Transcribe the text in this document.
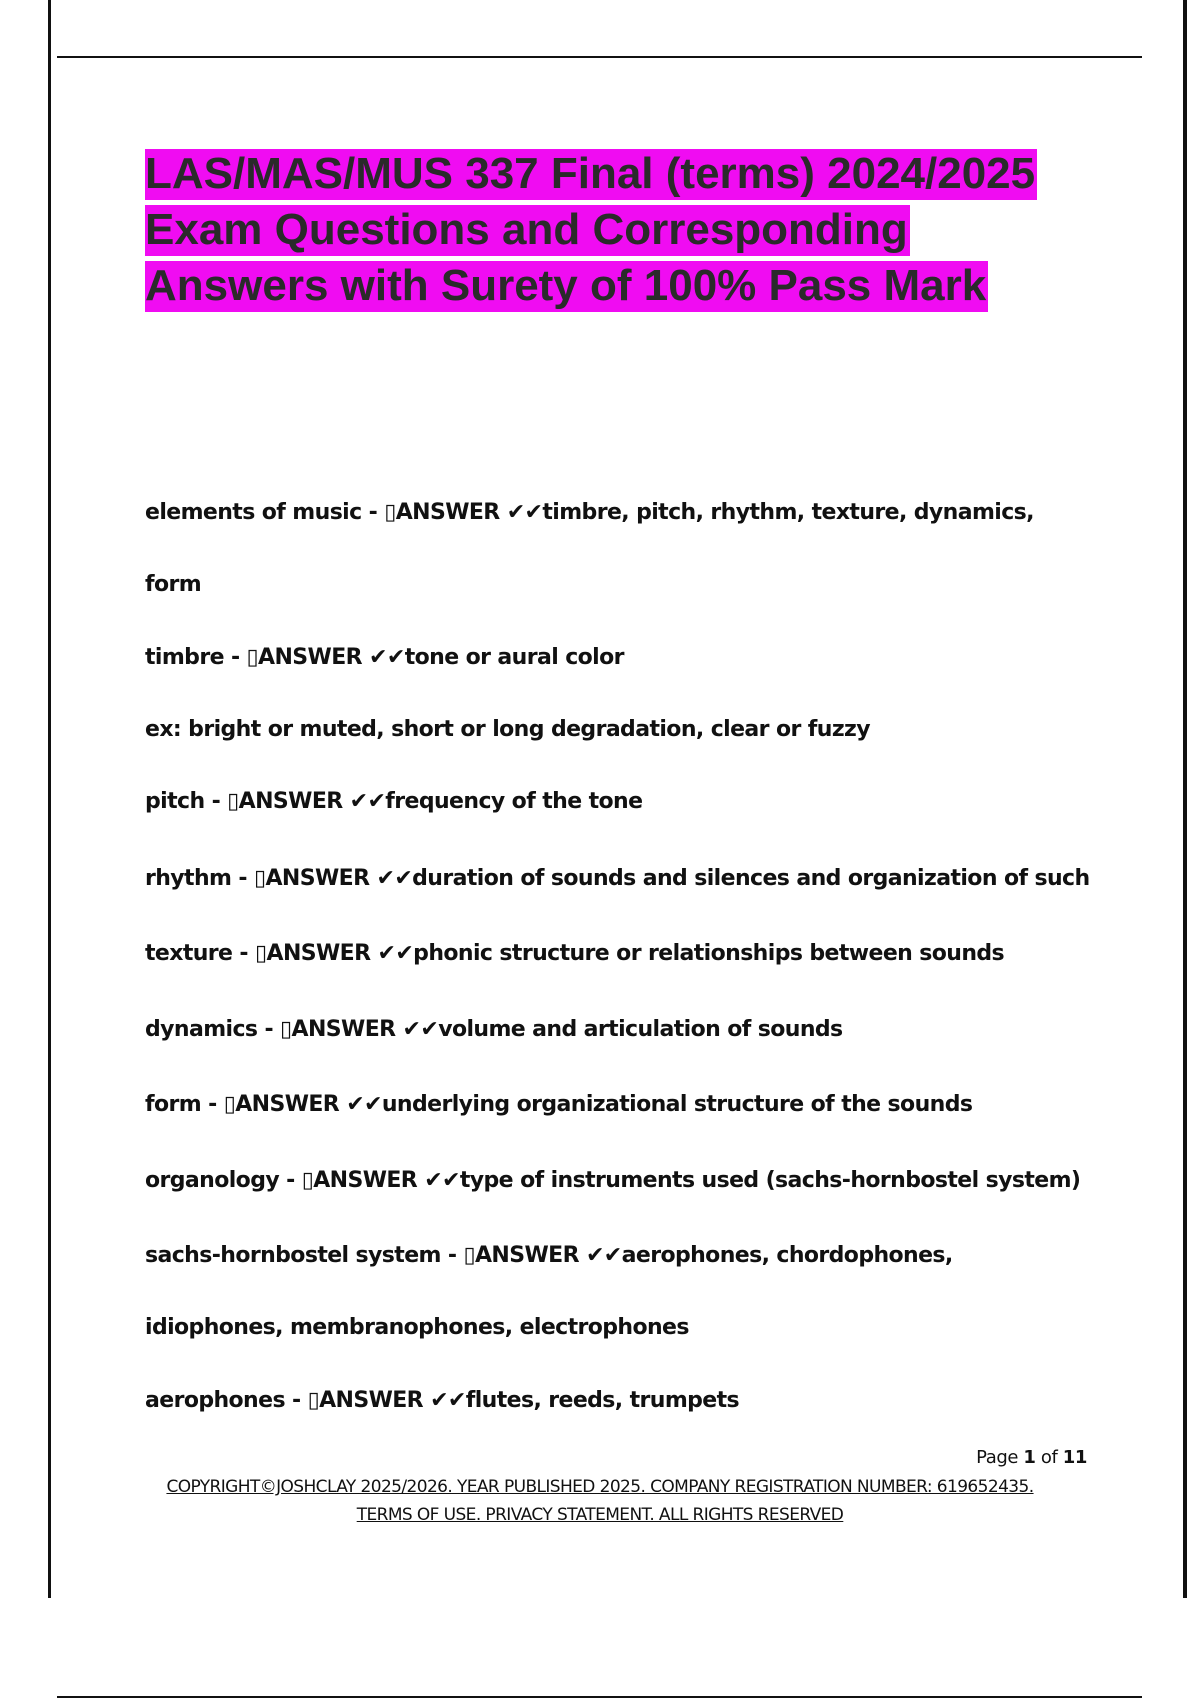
LAS/MAS/MUS 337 Final (terms) 2024/2025 Exam Questions and Corresponding Answers with Surety of 100% Pass Mark

elements of music - ▯ANSWER ✔✔timbre, pitch, rhythm, texture, dynamics,

form

timbre - ▯ANSWER ✔✔tone or aural color

ex: bright or muted, short or long degradation, clear or fuzzy

pitch - ▯ANSWER ✔✔frequency of the tone

rhythm - ▯ANSWER ✔✔duration of sounds and silences and organization of such

texture - ▯ANSWER ✔✔phonic structure or relationships between sounds

dynamics - ▯ANSWER ✔✔volume and articulation of sounds

form - ▯ANSWER ✔✔underlying organizational structure of the sounds

organology - ▯ANSWER ✔✔type of instruments used (sachs-hornbostel system)

sachs-hornbostel system - ▯ANSWER ✔✔aerophones, chordophones,

idiophones, membranophones, electrophones

aerophones - ▯ANSWER ✔✔flutes, reeds, trumpets

Page 1 of 11

COPYRIGHT©JOSHCLAY 2025/2026. YEAR PUBLISHED 2025. COMPANY REGISTRATION NUMBER: 619652435. TERMS OF USE. PRIVACY STATEMENT. ALL RIGHTS RESERVED
